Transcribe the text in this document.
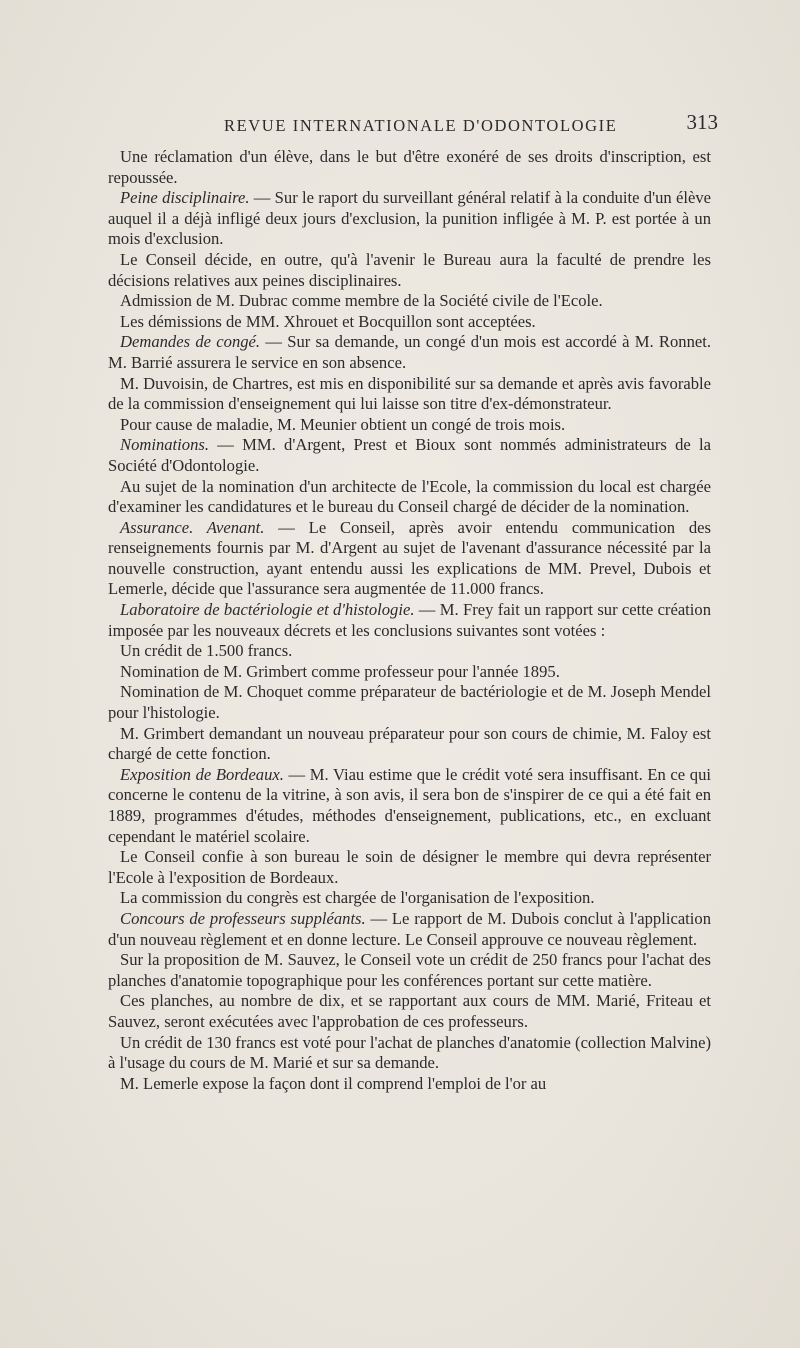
REVUE INTERNATIONALE D'ODONTOLOGIE	313

Une réclamation d'un élève, dans le but d'être exonéré de ses droits d'inscription, est repoussée.

Peine disciplinaire. — Sur le raport du surveillant général relatif à la conduite d'un élève auquel il a déjà infligé deux jours d'exclusion, la punition infligée à M. P. est portée à un mois d'exclusion.

Le Conseil décide, en outre, qu'à l'avenir le Bureau aura la faculté de prendre les décisions relatives aux peines disciplinaires.

Admission de M. Dubrac comme membre de la Société civile de l'Ecole.

Les démissions de MM. Xhrouet et Bocquillon sont acceptées.

Demandes de congé. — Sur sa demande, un congé d'un mois est accordé à M. Ronnet. M. Barrié assurera le service en son absence.

M. Duvoisin, de Chartres, est mis en disponibilité sur sa demande et après avis favorable de la commission d'enseignement qui lui laisse son titre d'ex-démonstrateur.

Pour cause de maladie, M. Meunier obtient un congé de trois mois.

Nominations. — MM. d'Argent, Prest et Bioux sont nommés administrateurs de la Société d'Odontologie.

Au sujet de la nomination d'un architecte de l'Ecole, la commission du local est chargée d'examiner les candidatures et le bureau du Conseil chargé de décider de la nomination.

Assurance. Avenant. — Le Conseil, après avoir entendu communication des renseignements fournis par M. d'Argent au sujet de l'avenant d'assurance nécessité par la nouvelle construction, ayant entendu aussi les explications de MM. Prevel, Dubois et Lemerle, décide que l'assurance sera augmentée de 11.000 francs.

Laboratoire de bactériologie et d'histologie. — M. Frey fait un rapport sur cette création imposée par les nouveaux décrets et les conclusions suivantes sont votées :

Un crédit de 1.500 francs.

Nomination de M. Grimbert comme professeur pour l'année 1895.

Nomination de M. Choquet comme préparateur de bactériologie et de M. Joseph Mendel pour l'histologie.

M. Grimbert demandant un nouveau préparateur pour son cours de chimie, M. Faloy est chargé de cette fonction.

Exposition de Bordeaux. — M. Viau estime que le crédit voté sera insuffisant. En ce qui concerne le contenu de la vitrine, à son avis, il sera bon de s'inspirer de ce qui a été fait en 1889, programmes d'études, méthodes d'enseignement, publications, etc., en excluant cependant le matériel scolaire.

Le Conseil confie à son bureau le soin de désigner le membre qui devra représenter l'Ecole à l'exposition de Bordeaux.

La commission du congrès est chargée de l'organisation de l'exposition.

Concours de professeurs suppléants. — Le rapport de M. Dubois conclut à l'application d'un nouveau règlement et en donne lecture. Le Conseil approuve ce nouveau règlement.

Sur la proposition de M. Sauvez, le Conseil vote un crédit de 250 francs pour l'achat des planches d'anatomie topographique pour les conférences portant sur cette matière.

Ces planches, au nombre de dix, et se rapportant aux cours de MM. Marié, Friteau et Sauvez, seront exécutées avec l'approbation de ces professeurs.

Un crédit de 130 francs est voté pour l'achat de planches d'anatomie (collection Malvine) à l'usage du cours de M. Marié et sur sa demande.

M. Lemerle expose la façon dont il comprend l'emploi de l'or au
